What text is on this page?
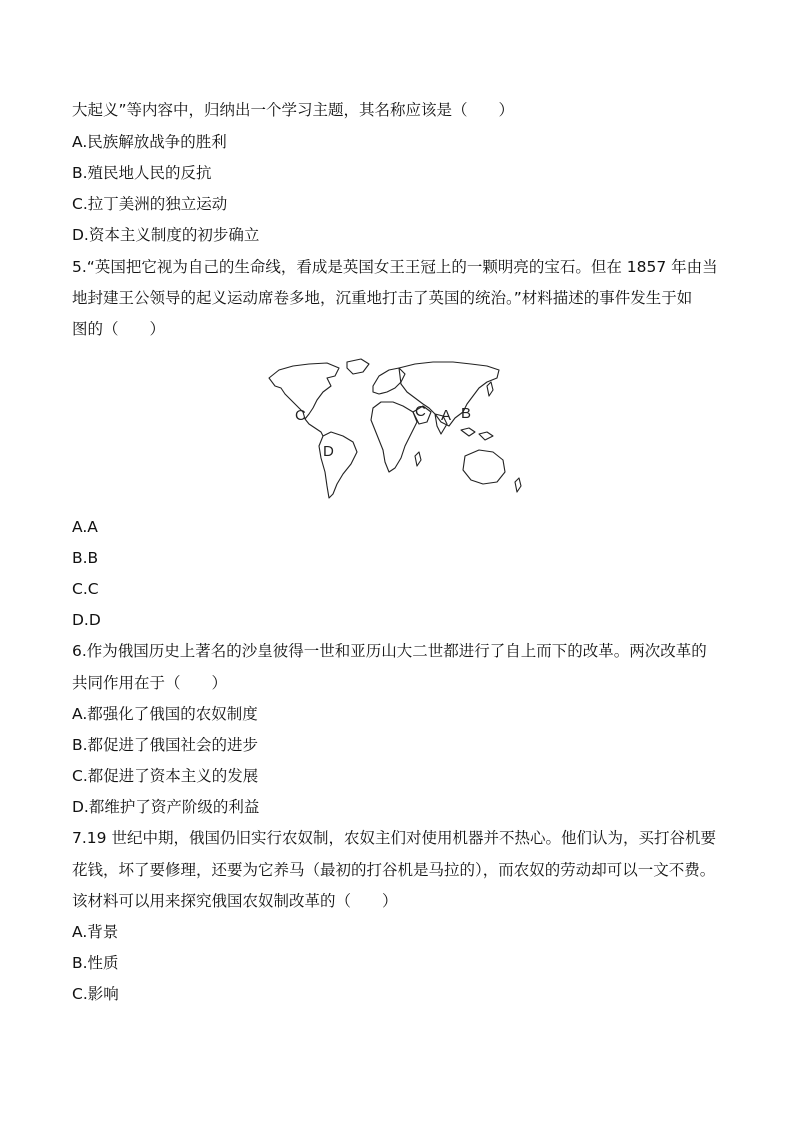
大起义”等内容中，归纳出一个学习主题，其名称应该是（　　）
A.民族解放战争的胜利
B.殖民地人民的反抗
C.拉丁美洲的独立运动
D.资本主义制度的初步确立
5.“英国把它视为自己的生命线，看成是英国女王王冠上的一颗明亮的宝石。但在 1857 年由当
地封建王公领导的起义运动席卷多地，沉重地打击了英国的统治。”材料描述的事件发生于如
图的（　　）
C	C A B
D
A.A
B.B
C.C
D.D
6.作为俄国历史上著名的沙皇彼得一世和亚历山大二世都进行了自上而下的改革。两次改革的
共同作用在于（　　）
A.都强化了俄国的农奴制度
B.都促进了俄国社会的进步
C.都促进了资本主义的发展
D.都维护了资产阶级的利益
7.19 世纪中期，俄国仍旧实行农奴制，农奴主们对使用机器并不热心。他们认为，买打谷机要
花钱，坏了要修理，还要为它养马（最初的打谷机是马拉的），而农奴的劳动却可以一文不费。
该材料可以用来探究俄国农奴制改革的（　　）
A.背景
B.性质
C.影响
